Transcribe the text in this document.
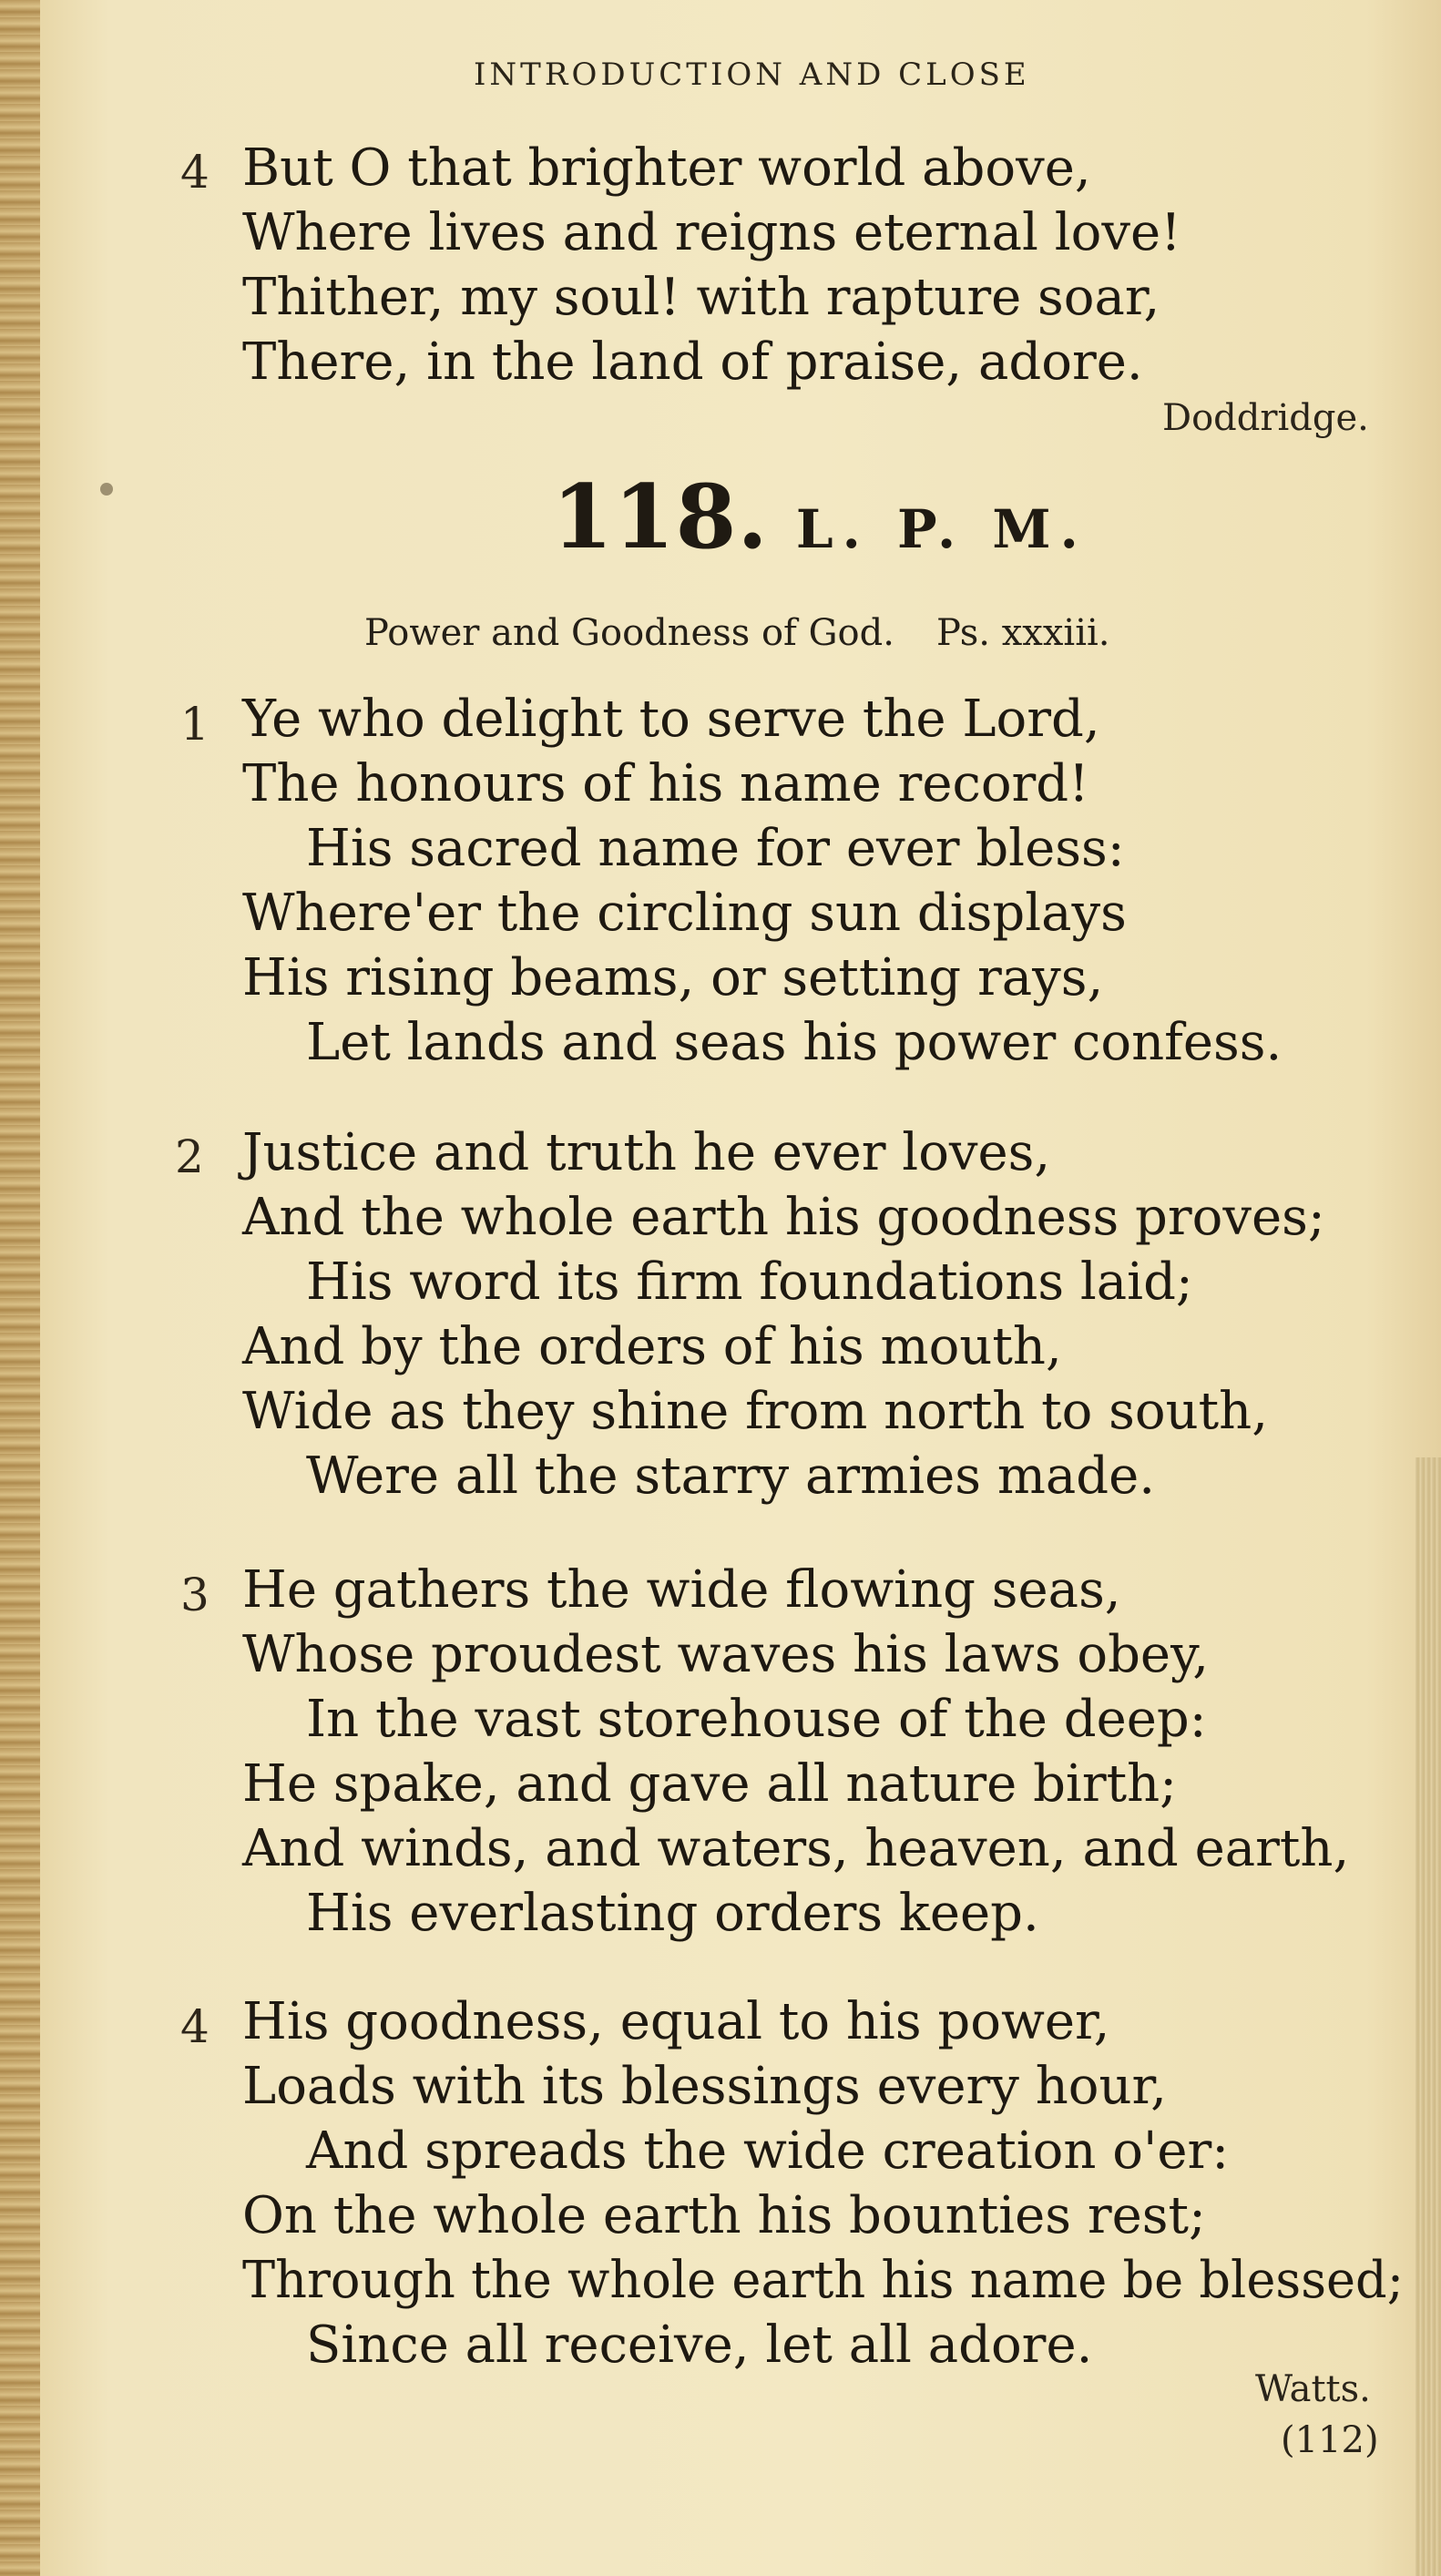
INTRODUCTION AND CLOSE
4 But O that brighter world above,
Where lives and reigns eternal love!
Thither, my soul! with rapture soar,
There, in the land of praise, adore.
Doddridge.
118. L. P. M.
Power and Goodness of God. Ps. xxxiii.
1 Ye who delight to serve the Lord,
The honours of his name record!
His sacred name for ever bless:
Where'er the circling sun displays
His rising beams, or setting rays,
Let lands and seas his power confess.
2 Justice and truth he ever loves,
And the whole earth his goodness proves;
His word its firm foundations laid;
And by the orders of his mouth,
Wide as they shine from north to south,
Were all the starry armies made.
3 He gathers the wide flowing seas,
Whose proudest waves his laws obey,
In the vast storehouse of the deep:
He spake, and gave all nature birth;
And winds, and waters, heaven, and earth,
His everlasting orders keep.
4 His goodness, equal to his power,
Loads with its blessings every hour,
And spreads the wide creation o'er:
On the whole earth his bounties rest;
Through the whole earth his name be blessed;
Since all receive, let all adore.
Watts.
(112)
